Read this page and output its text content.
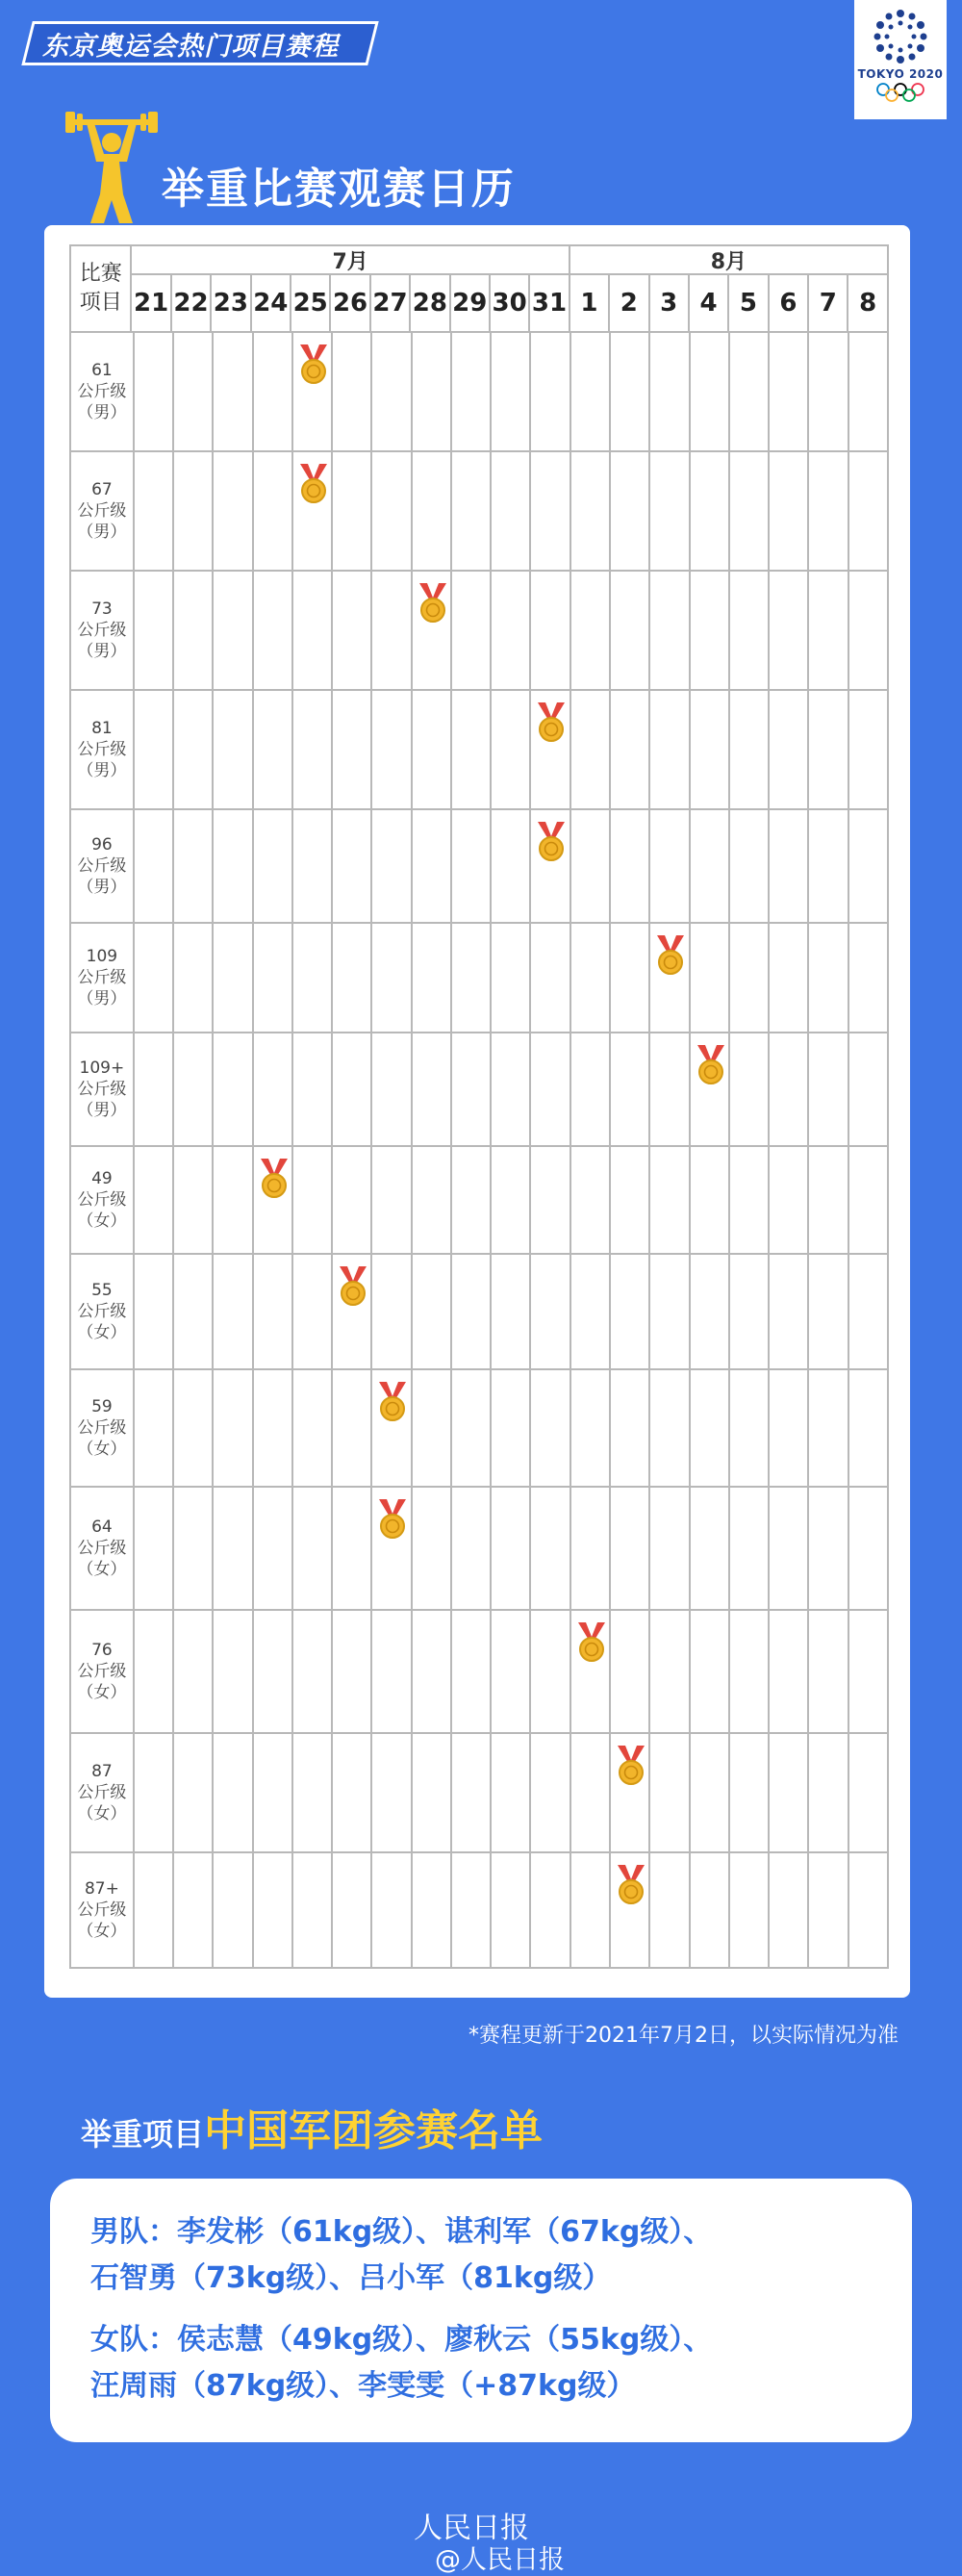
东京奥运会热门项目赛程
TOKYO 2020
举重比赛观赛日历
比赛
项目
7月	8月
21 22 23 24 25 26 27 28 29 30 31 1 2 3 4 5 6 7 8
61
公斤级
（男）
67
公斤级
（男）
73
公斤级
（男）
81
公斤级
（男）
96
公斤级
（男）
109
公斤级
（男）
109+
公斤级
（男）
49
公斤级
（女）
55
公斤级
（女）
59
公斤级
（女）
64
公斤级
（女）
76
公斤级
（女）
87
公斤级
（女）
87+
公斤级
（女）
*赛程更新于2021年7月2日，以实际情况为准
举重项目中国军团参赛名单
男队：李发彬（61kg级）、谌利军（67kg级）、
石智勇（73kg级）、吕小军（81kg级）
女队：侯志慧（49kg级）、廖秋云（55kg级）、
汪周雨（87kg级）、李雯雯（+87kg级）
人民日报
@人民日报
